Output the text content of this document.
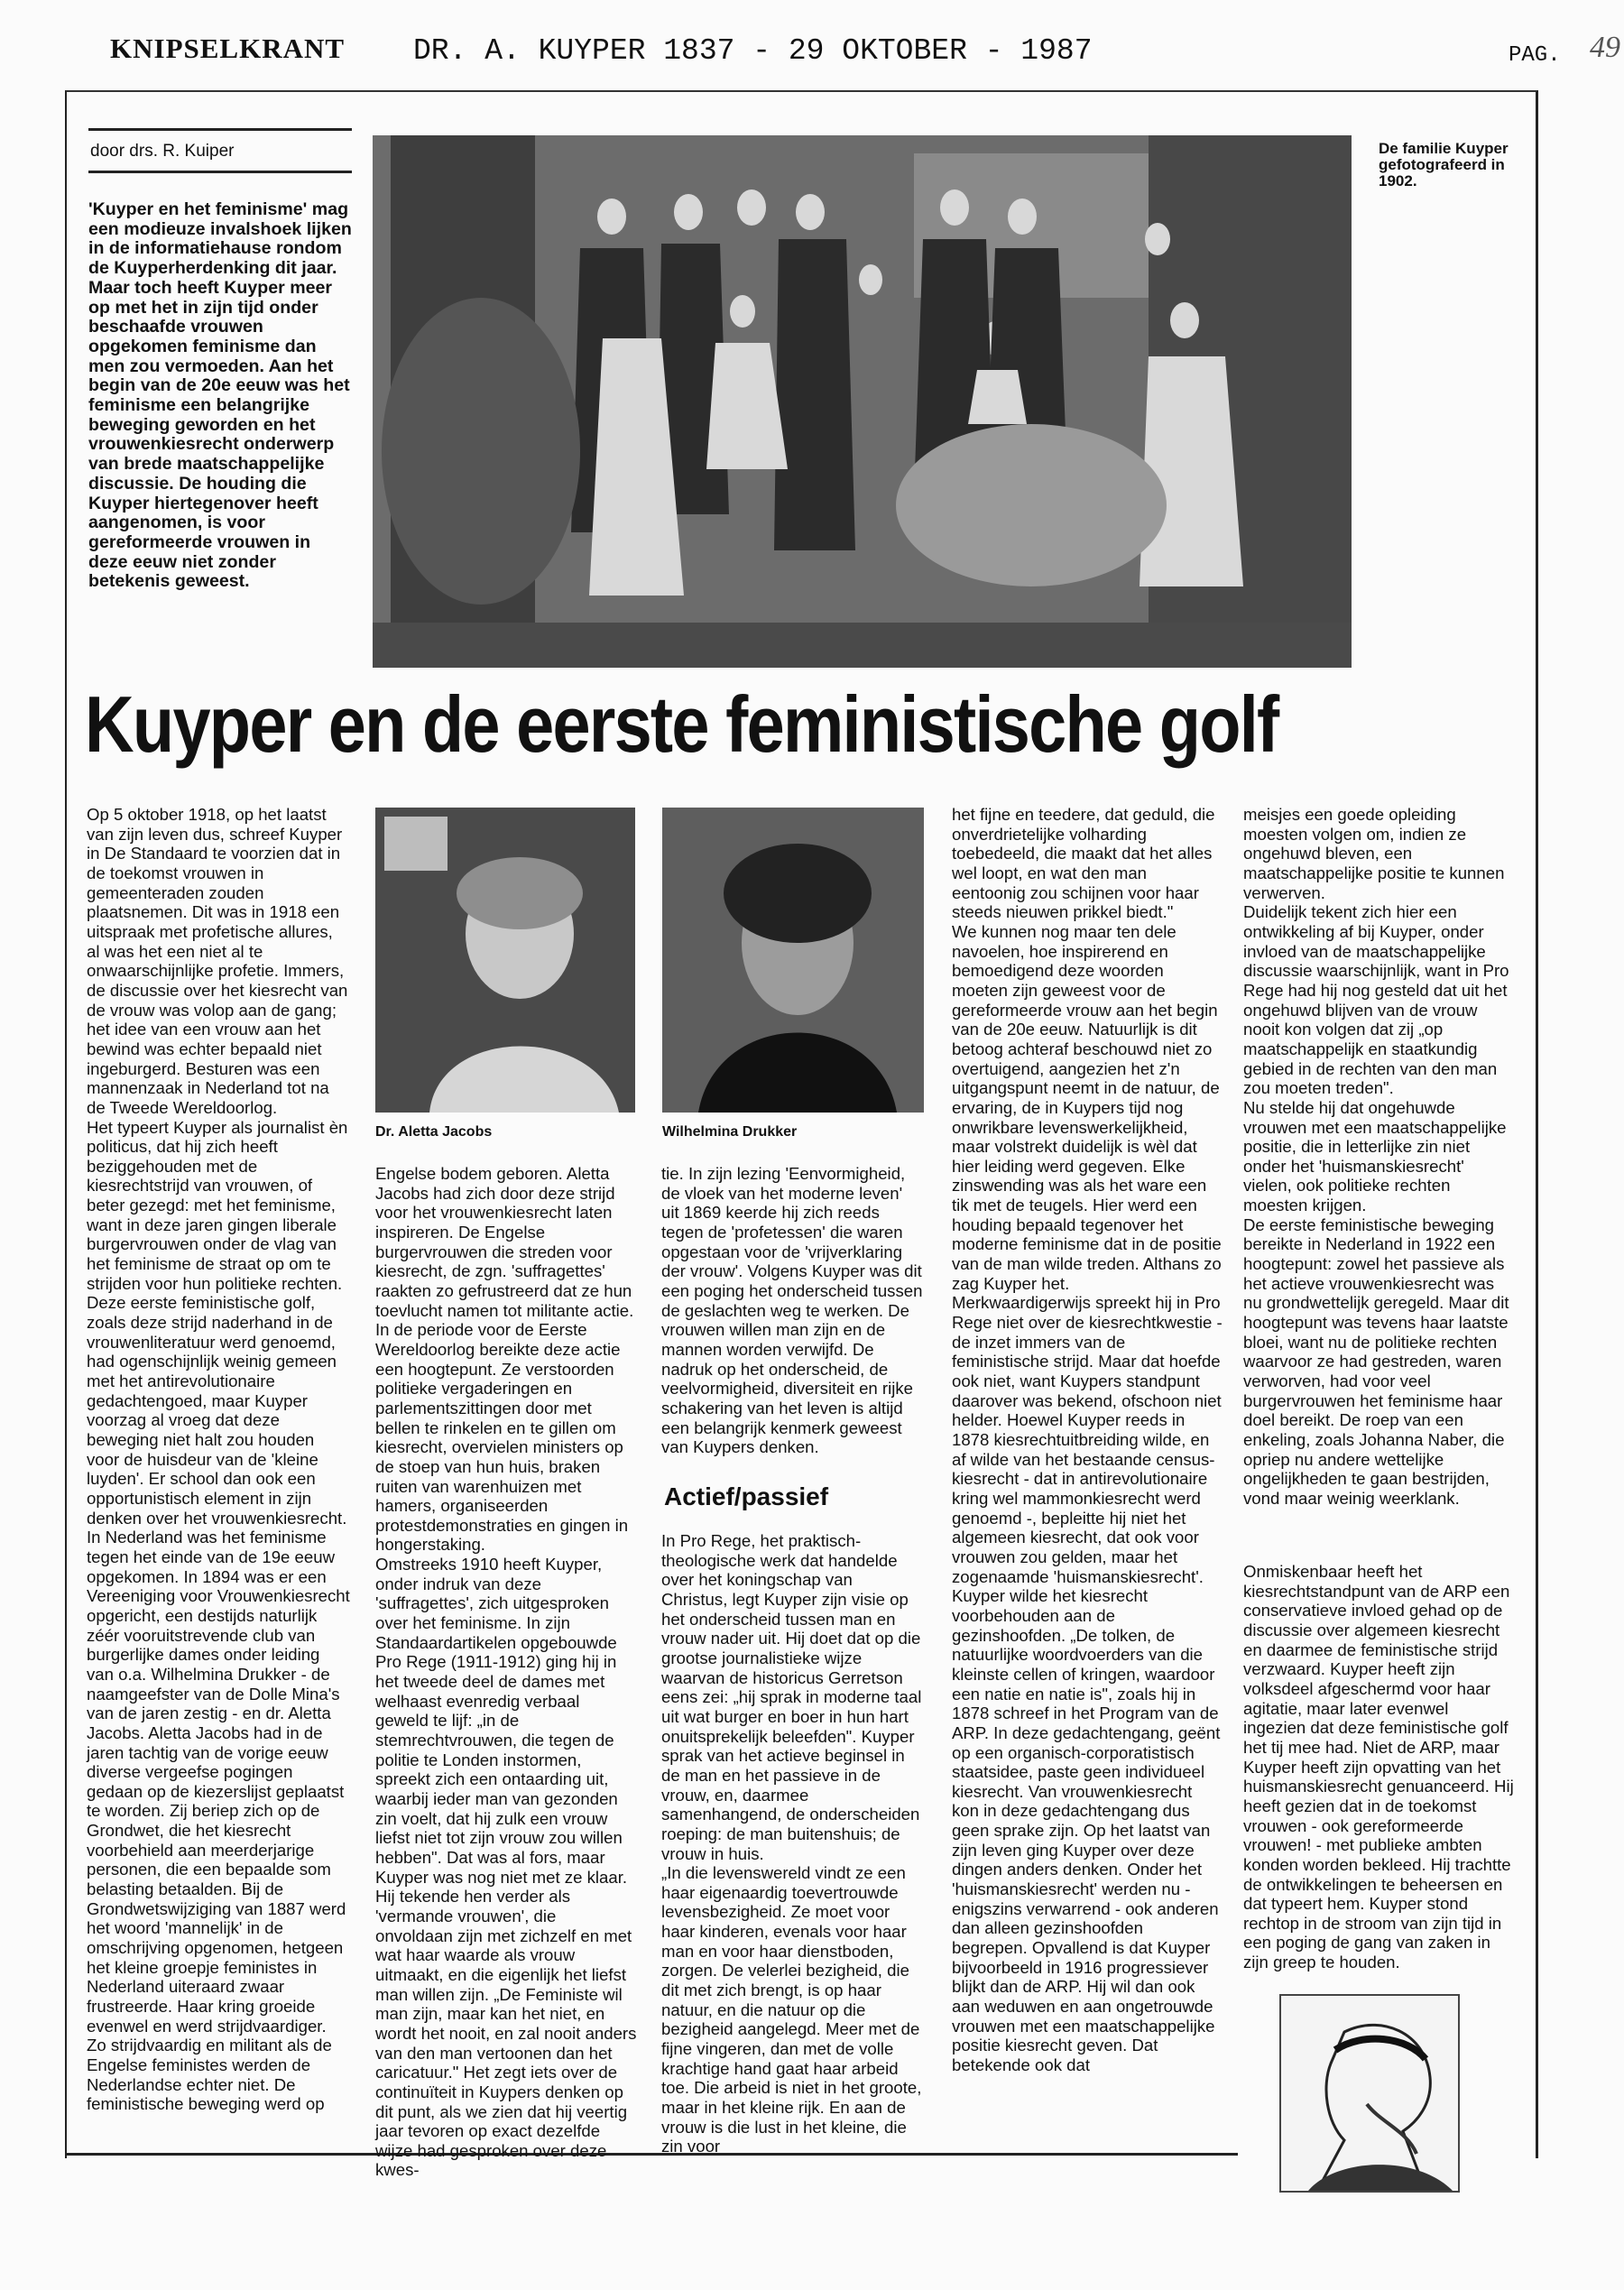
KNIPSELKRANT DR. A. KUYPER 1837 - 29 OKTOBER - 1987	PAG. 49
door drs. R. Kuiper

'Kuyper en het feminisme' mag een modieuze invalshoek lijken in de informatiehause rondom de Kuyperherdenking dit jaar. Maar toch heeft Kuyper meer op met het in zijn tijd onder beschaafde vrouwen opgekomen feminisme dan men zou vermoeden. Aan het begin van de 20e eeuw was het feminisme een belangrijke beweging geworden en het vrouwenkiesrecht onderwerp van brede maatschappelijke discussie. De houding die Kuyper hiertegenover heeft aangenomen, is voor gereformeerde vrouwen in deze eeuw niet zonder betekenis geweest.

De familie Kuyper gefotografeerd in 1902.

Kuyper en de eerste feministische golf

Op 5 oktober 1918, op het laatst van zijn leven dus, schreef Kuyper in De Standaard te voorzien dat in de toekomst vrouwen in gemeenteraden zouden plaatsnemen. Dit was in 1918 een uitspraak met profetische allures, al was het een niet al te onwaarschijnlijke profetie. Immers, de discussie over het kiesrecht van de vrouw was volop aan de gang; het idee van een vrouw aan het bewind was echter bepaald niet ingeburgerd. Besturen was een mannenzaak in Nederland tot na de Tweede Wereldoorlog.
Het typeert Kuyper als journalist èn politicus, dat hij zich heeft beziggehouden met de kiesrechtstrijd van vrouwen, of beter gezegd: met het feminisme, want in deze jaren gingen liberale burgervrouwen onder de vlag van het feminisme de straat op om te strijden voor hun politieke rechten. Deze eerste feministische golf, zoals deze strijd naderhand in de vrouwenliteratuur werd genoemd, had ogenschijnlijk weinig gemeen met het antirevolutionaire gedachtengoed, maar Kuyper voorzag al vroeg dat deze beweging niet halt zou houden voor de huisdeur van de 'kleine luyden'. Er school dan ook een opportunistisch element in zijn denken over het vrouwenkiesrecht.
In Nederland was het feminisme tegen het einde van de 19e eeuw opgekomen. In 1894 was er een Vereeniging voor Vrouwenkiesrecht opgericht, een destijds naturlijk zéér vooruitstrevende club van burgerlijke dames onder leiding van o.a. Wilhelmina Drukker - de naamgeefster van de Dolle Mina's van de jaren zestig - en dr. Aletta Jacobs. Aletta Jacobs had in de jaren tachtig van de vorige eeuw diverse vergeefse pogingen gedaan op de kiezerslijst geplaatst te worden. Zij beriep zich op de Grondwet, die het kiesrecht voorbehield aan meerderjarige personen, die een bepaalde som belasting betaalden. Bij de Grondwetswijziging van 1887 werd het woord 'mannelijk' in de omschrijving opgenomen, hetgeen het kleine groepje feministes in Nederland uiteraard zwaar frustreerde. Haar kring groeide evenwel en werd strijdvaardiger. Zo strijdvaardig en militant als de Engelse feministes werden de Nederlandse echter niet. De feministische beweging werd op

Dr. Aletta Jacobs	Wilhelmina Drukker

Engelse bodem geboren. Aletta Jacobs had zich door deze strijd voor het vrouwenkiesrecht laten inspireren. De Engelse burgervrouwen die streden voor kiesrecht, de zgn. 'suffragettes' raakten zo gefrustreerd dat ze hun toevlucht namen tot militante actie. In de periode voor de Eerste Wereldoorlog bereikte deze actie een hoogtepunt. Ze verstoorden politieke vergaderingen en parlementszittingen door met bellen te rinkelen en te gillen om kiesrecht, overvielen ministers op de stoep van hun huis, braken ruiten van warenhuizen met hamers, organiseerden protestdemonstraties en gingen in hongerstaking.
Omstreeks 1910 heeft Kuyper, onder indruk van deze 'suffragettes', zich uitgesproken over het feminisme. In zijn Standaardartikelen opgebouwde Pro Rege (1911-1912) ging hij in het tweede deel de dames met welhaast evenredig verbaal geweld te lijf: „in de stemrechtvrouwen, die tegen de politie te Londen instormen, spreekt zich een ontaarding uit, waarbij ieder man van gezonden zin voelt, dat hij zulk een vrouw liefst niet tot zijn vrouw zou willen hebben". Dat was al fors, maar Kuyper was nog niet met ze klaar. Hij tekende hen verder als 'vermande vrouwen', die onvoldaan zijn met zichzelf en met wat haar waarde als vrouw uitmaakt, en die eigenlijk het liefst man willen zijn. „De Feministe wil man zijn, maar kan het niet, en wordt het nooit, en zal nooit anders van den man vertoonen dan het caricatuur." Het zegt iets over de continuïteit in Kuypers denken op dit punt, als we zien dat hij veertig jaar tevoren op exact dezelfde wijze had gesproken over deze kwes-

tie. In zijn lezing 'Eenvormigheid, de vloek van het moderne leven' uit 1869 keerde hij zich reeds tegen de 'profetessen' die waren opgestaan voor de 'vrijverklaring der vrouw'. Volgens Kuyper was dit een poging het onderscheid tussen de geslachten weg te werken. De vrouwen willen man zijn en de mannen worden verwijfd. De nadruk op het onderscheid, de veelvormigheid, diversiteit en rijke schakering van het leven is altijd een belangrijk kenmerk geweest van Kuypers denken.

Actief/passief

In Pro Rege, het praktisch-theologische werk dat handelde over het koningschap van Christus, legt Kuyper zijn visie op het onderscheid tussen man en vrouw nader uit. Hij doet dat op die grootse journalistieke wijze waarvan de historicus Gerretson eens zei: „hij sprak in moderne taal uit wat burger en boer in hun hart onuitsprekelijk beleefden". Kuyper sprak van het actieve beginsel in de man en het passieve in de vrouw, en, daarmee samenhangend, de onderscheiden roeping: de man buitenshuis; de vrouw in huis.
„In die levenswereld vindt ze een haar eigenaardig toevertrouwde levensbezigheid. Ze moet voor haar kinderen, evenals voor haar man en voor haar dienstboden, zorgen. De velerlei bezigheid, die dit met zich brengt, is op haar natuur, en die natuur op die bezigheid aangelegd. Meer met de fijne vingeren, dan met de volle krachtige hand gaat haar arbeid toe. Die arbeid is niet in het groote, maar in het kleine rijk. En aan de vrouw is die lust in het kleine, die zin voor

het fijne en teedere, dat geduld, die onverdrietelijke volharding toebedeeld, die maakt dat het alles wel loopt, en wat den man eentoonig zou schijnen voor haar steeds nieuwen prikkel biedt."
We kunnen nog maar ten dele navoelen, hoe inspirerend en bemoedigend deze woorden moeten zijn geweest voor de gereformeerde vrouw aan het begin van de 20e eeuw. Natuurlijk is dit betoog achteraf beschouwd niet zo overtuigend, aangezien het z'n uitgangspunt neemt in de natuur, de ervaring, de in Kuypers tijd nog onwrikbare levenswerkelijkheid, maar volstrekt duidelijk is wèl dat hier leiding werd gegeven. Elke zinswending was als het ware een tik met de teugels. Hier werd een houding bepaald tegenover het moderne feminisme dat in de positie van de man wilde treden. Althans zo zag Kuyper het.
Merkwaardigerwijs spreekt hij in Pro Rege niet over de kiesrechtkwestie - de inzet immers van de feministische strijd. Maar dat hoefde ook niet, want Kuypers standpunt daarover was bekend, ofschoon niet helder. Hoewel Kuyper reeds in 1878 kiesrechtuitbreiding wilde, en af wilde van het bestaande census-kiesrecht - dat in antirevolutionaire kring wel mammonkiesrecht werd genoemd -, bepleitte hij niet het algemeen kiesrecht, dat ook voor vrouwen zou gelden, maar het zogenaamde 'huismanskiesrecht'. Kuyper wilde het kiesrecht voorbehouden aan de gezinshoofden. „De tolken, de natuurlijke woordvoerders van die kleinste cellen of kringen, waardoor een natie en natie is", zoals hij in 1878 schreef in het Program van de ARP. In deze gedachtengang, geënt op een organisch-corporatistisch staatsidee, paste geen individueel kiesrecht. Van vrouwenkiesrecht kon in deze gedachtengang dus geen sprake zijn. Op het laatst van zijn leven ging Kuyper over deze dingen anders denken. Onder het 'huismanskiesrecht' werden nu - enigszins verwarrend - ook anderen dan alleen gezinshoofden begrepen. Opvallend is dat Kuyper bijvoorbeeld in 1916 progressiever blijkt dan de ARP. Hij wil dan ook aan weduwen en aan ongetrouwde vrouwen met een maatschappelijke positie kiesrecht geven. Dat betekende ook dat

meisjes een goede opleiding moesten volgen om, indien ze ongehuwd bleven, een maatschappelijke positie te kunnen verwerven.
Duidelijk tekent zich hier een ontwikkeling af bij Kuyper, onder invloed van de maatschappelijke discussie waarschijnlijk, want in Pro Rege had hij nog gesteld dat uit het ongehuwd blijven van de vrouw nooit kon volgen dat zij „op maatschappelijk en staatkundig gebied in de rechten van den man zou moeten treden".
Nu stelde hij dat ongehuwde vrouwen met een maatschappelijke positie, die in letterlijke zin niet onder het 'huismanskiesrecht' vielen, ook politieke rechten moesten krijgen.
De eerste feministische beweging bereikte in Nederland in 1922 een hoogtepunt: zowel het passieve als het actieve vrouwenkiesrecht was nu grondwettelijk geregeld. Maar dit hoogtepunt was tevens haar laatste bloei, want nu de politieke rechten waarvoor ze had gestreden, waren verworven, had voor veel burgervrouwen het feminisme haar doel bereikt. De roep van een enkeling, zoals Johanna Naber, die opriep nu andere wettelijke ongelijkheden te gaan bestrijden, vond maar weinig weerklank.

Onmiskenbaar heeft het kiesrechtstandpunt van de ARP een conservatieve invloed gehad op de discussie over algemeen kiesrecht en daarmee de feministische strijd verzwaard. Kuyper heeft zijn volksdeel afgeschermd voor haar agitatie, maar later evenwel ingezien dat deze feministische golf het tij mee had. Niet de ARP, maar Kuyper heeft zijn opvatting van het huismanskiesrecht genuanceerd. Hij heeft gezien dat in de toekomst vrouwen - ook gereformeerde vrouwen! - met publieke ambten konden worden bekleed. Hij trachtte de ontwikkelingen te beheersen en dat typeert hem. Kuyper stond rechtop in de stroom van zijn tijd in een poging de gang van zaken in zijn greep te houden.
